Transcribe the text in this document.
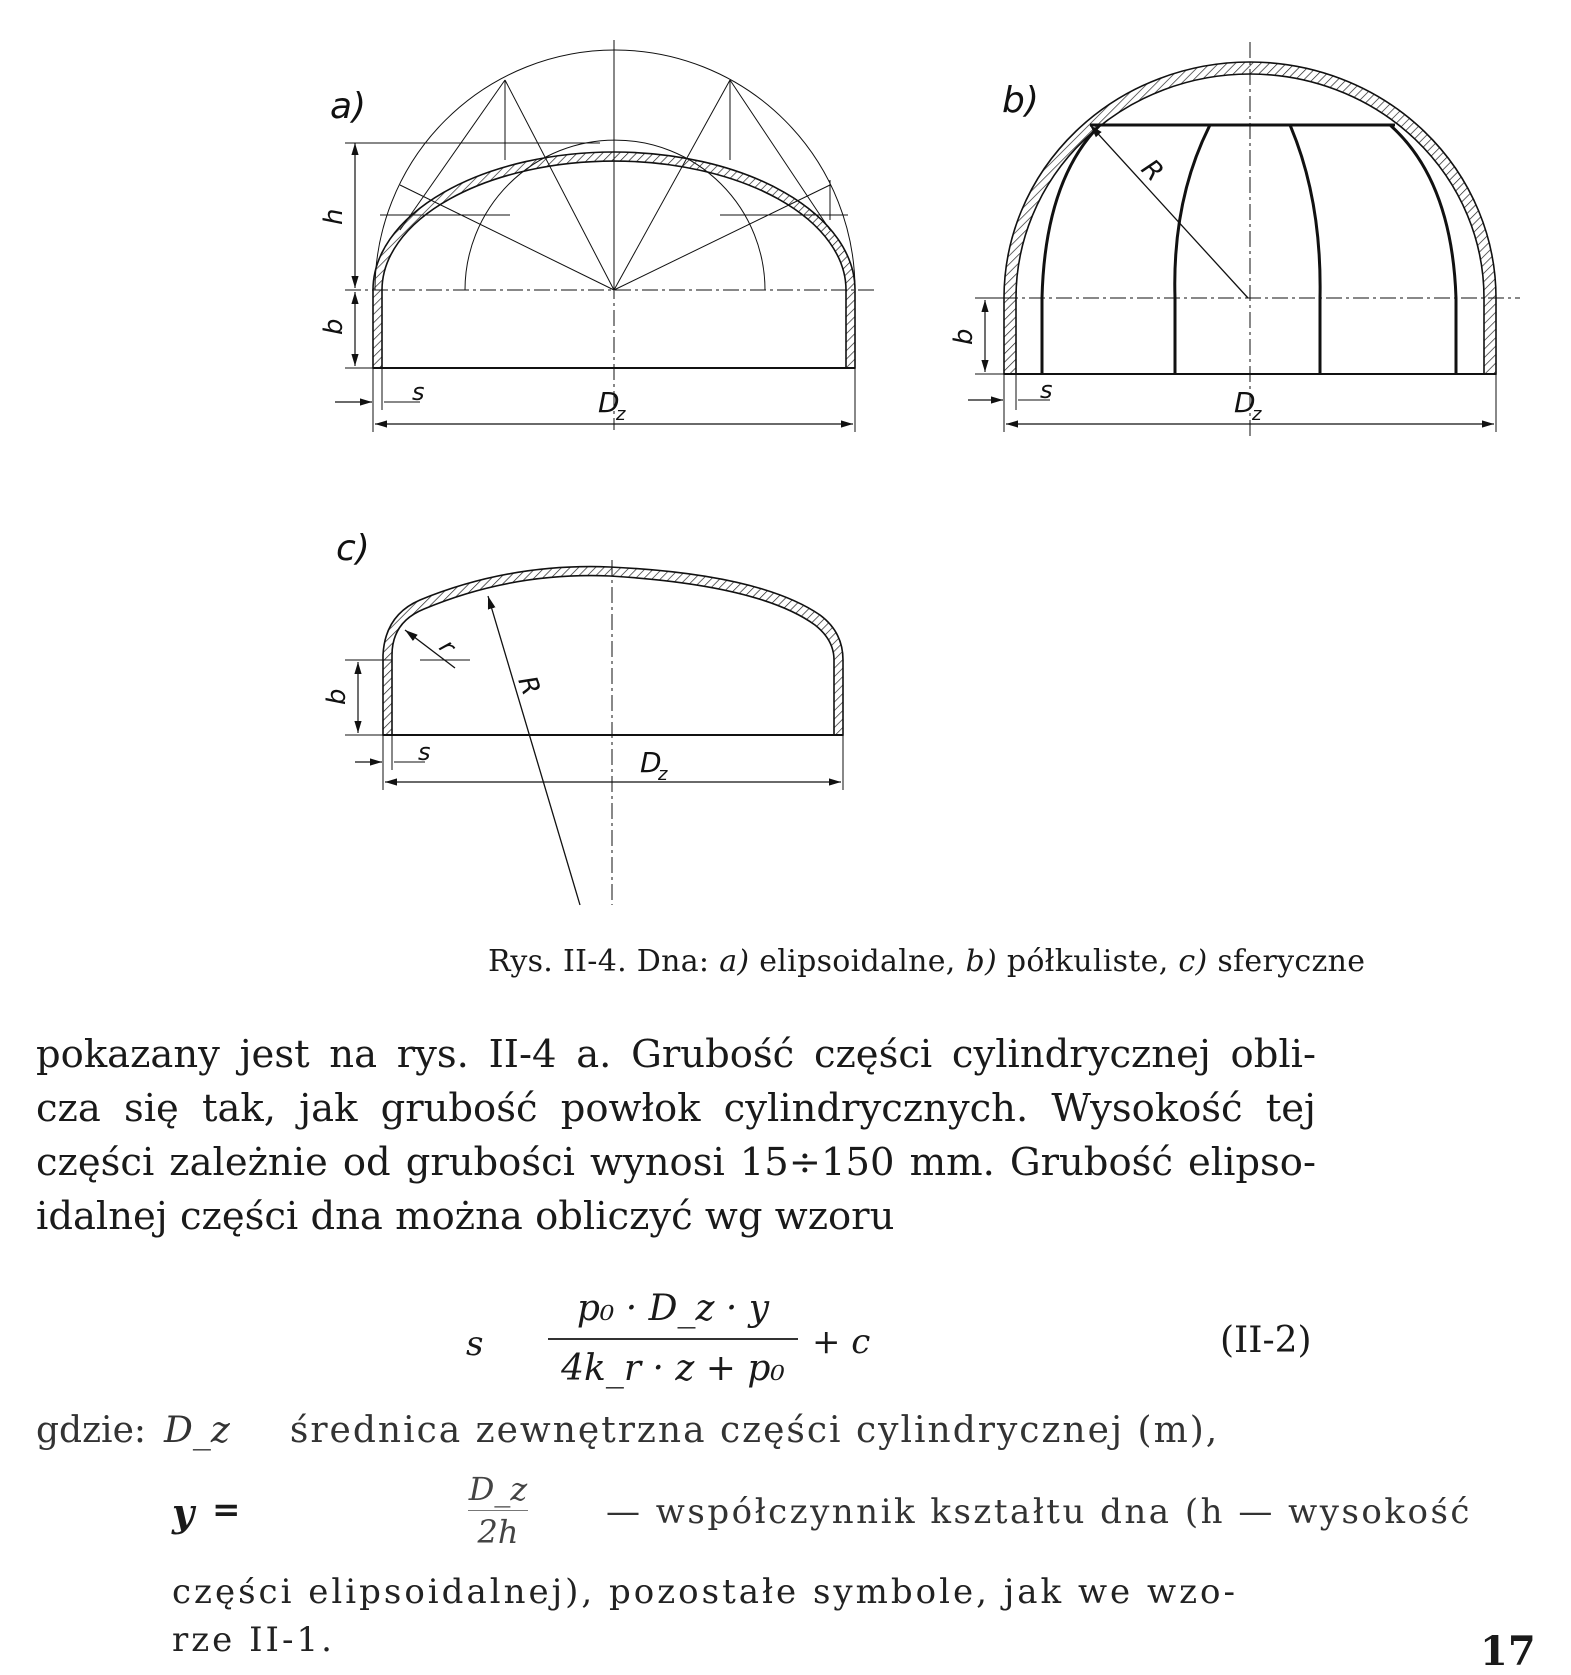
a)
h
b
s	D
z
b)
R
b
s	D
z
c)
r
R
b
s	D
z
Rys. II-4. Dna: a) elipsoidalne, b) półkuliste, c) sferyczne
pokazany jest na rys. II-4 a. Grubość części cylindrycznej obli-
cza się tak, jak grubość powłok cylindrycznych. Wysokość tej
części zależnie od grubości wynosi 15÷150 mm. Grubość elipso-
idalnej części dna można obliczyć wg wzoru
s
p₀ · D_z · y
4k_r · z + p₀
+ c	(II-2)
gdzie: D_z średnica zewnętrzna części cylindrycznej (m),
y =
D_z
2h	— współczynnik kształtu dna (h — wysokość
części elipsoidalnej), pozostałe symbole, jak we wzo-
rze II-1.	17
